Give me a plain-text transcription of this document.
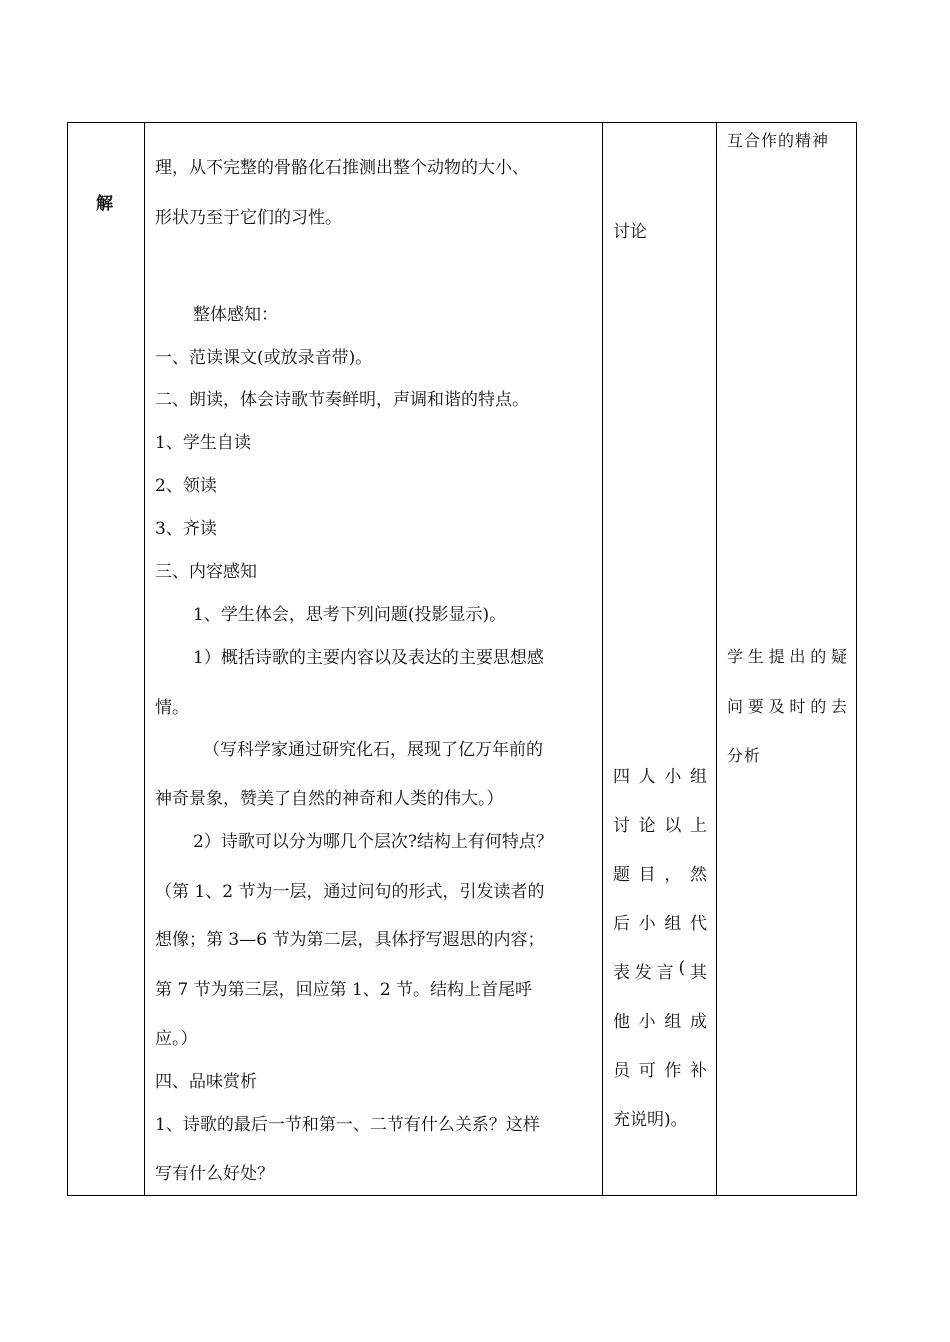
解
理，从不完整的骨骼化石推测出整个动物的大小、
形状乃至于它们的习性。
整体感知：
一、范读课文(或放录音带)。
二、朗读，体会诗歌节奏鲜明，声调和谐的特点。
1、学生自读
2、领读
3、齐读
三、内容感知
1、学生体会，思考下列问题(投影显示)。
1）概括诗歌的主要内容以及表达的主要思想感
情。
（写科学家通过研究化石，展现了亿万年前的
神奇景象，赞美了自然的神奇和人类的伟大。）
2）诗歌可以分为哪几个层次?结构上有何特点？
（第 1、2 节为一层，通过问句的形式，引发读者的
想像；第 3—6 节为第二层，具体抒写遐思的内容；
第 7 节为第三层，回应第 1、2 节。结构上首尾呼
应。）
四、品味赏析
1、诗歌的最后一节和第一、二节有什么关系？这样
写有什么好处？
讨论
四 人 小 组
讨 论 以 上
题 目 ， 然
后 小 组 代
表 发 言 ( 其
他 小 组 成
员 可 作 补
充说明)。
互合作的精神
学 生 提 出 的 疑
问 要 及 时 的 去
分析
